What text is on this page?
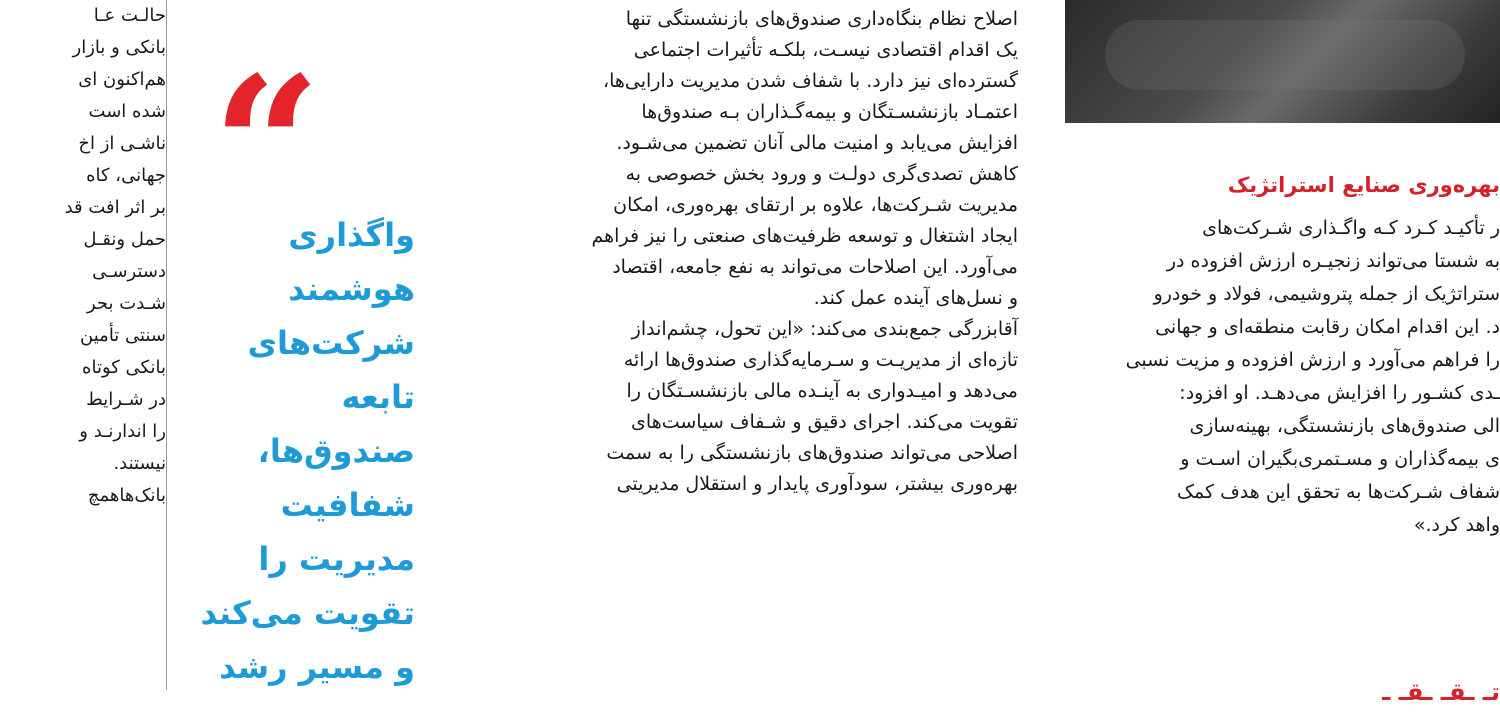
حالـت عـا
بانکی و بازار
هم‌اکنون ای
شده است
ناشـی از اخ
جهانی، کاه
بر اثر افت قد
حمل ونقـل
دسترسـی
شـدت بحر
سنتی تأمین
بانکی کوتاه
در شـرایط
را اندارنـد و
نیستند.
بانک‌هاهمچ
“
واگذاری
هوشمند
شرکت‌های
تابعه
صندوق‌ها،
شفافیت
مدیریت را
تقویت می‌کند
و مسیر رشد
اصلاح نظام بنگاه‌داری صندوق‌های بازنشستگی تنها
یک اقدام اقتصادی نیسـت، بلکـه تأثیرات اجتماعی
گسترده‌ای نیز دارد. با شفاف شدن مدیریت دارایی‌ها،
اعتمـاد بازنشسـتگان و بیمه‌گـذاران بـه صندوق‌ها
افزایش می‌یابد و امنیت مالی آنان تضمین می‌شـود.
کاهش تصدی‌گری دولـت و ورود بخش خصوصی به
مدیریت شـرکت‌ها، علاوه بر ارتقای بهره‌وری، امکان
ایجاد اشتغال و توسعه ظرفیت‌های صنعتی را نیز فراهم
می‌آورد. این اصلاحات می‌تواند به نفع جامعه، اقتصاد
و نسل‌های آینده عمل کند.
آقابزرگی جمع‌بندی می‌کند: «این تحول، چشم‌انداز
تازه‌ای از مدیریـت و سـرمایه‌گذاری صندوق‌ها ارائه
می‌دهد و امیـدواری به آینـده مالی بازنشسـتگان را
تقویت می‌کند. اجرای دقیق و شـفاف سیاست‌های
اصلاحی می‌تواند صندوق‌های بازنشستگی را به سمت
بهره‌وری بیشتر، سودآوری پایدار و استقلال مدیریتی
بهره‌وری صنایع استراتژیک
ر تأکیـد کـرد کـه واگـذاری شـرکت‌های
به شستا می‌تواند زنجیـره ارزش افزوده در
ستراتژیک از جمله پتروشیمی، فولاد و خودرو
د. این اقدام امکان رقابت منطقه‌ای و جهانی
را فراهم می‌آورد و ارزش افزوده و مزیت نسبی
ـدی کشـور را افزایش می‌دهـد. او افزود:
الی صندوق‌های بازنشستگی، بهینه‌سازی
ی بیمه‌گذاران و مسـتمری‌بگیران اسـت و
شفاف شـرکت‌ها به تحقق این هدف کمک
واهد کرد.»
تـ ـقـ ـقـ ـ
